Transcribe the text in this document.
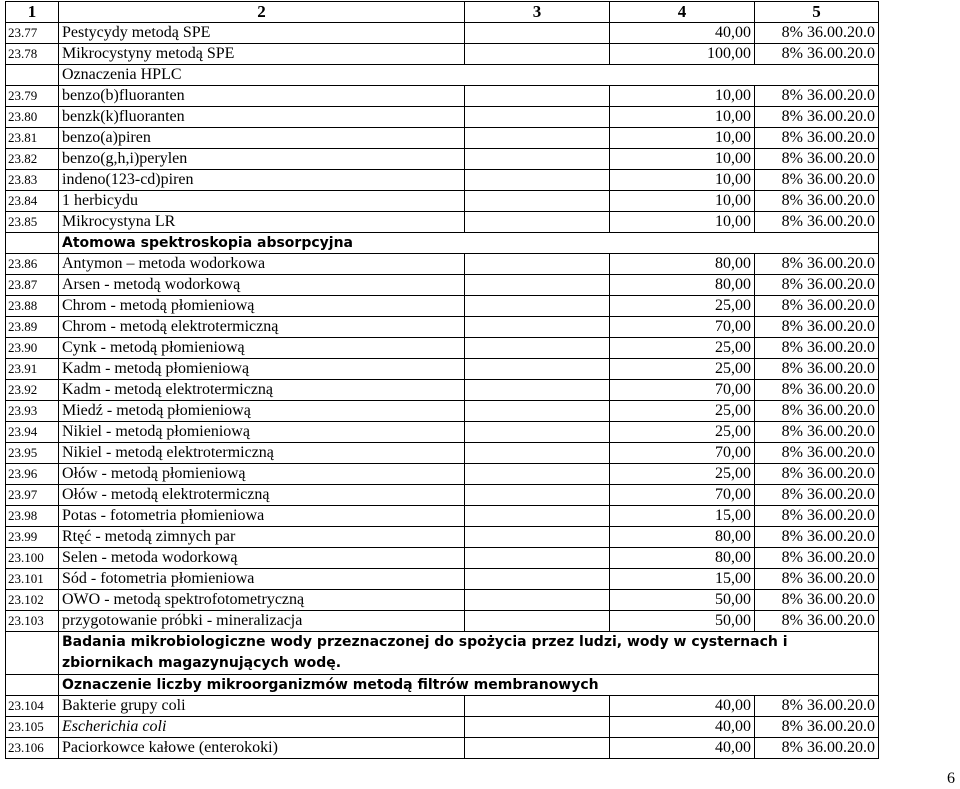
1	2	3	4	5
23.77	Pestycydy metodą SPE		40,00	8% 36.00.20.0
23.78	Mikrocystyny metodą SPE		100,00	8% 36.00.20.0
	Oznaczenia HPLC			
23.79	benzo(b)fluoranten		10,00	8% 36.00.20.0
23.80	benzk(k)fluoranten		10,00	8% 36.00.20.0
23.81	benzo(a)piren		10,00	8% 36.00.20.0
23.82	benzo(g,h,i)perylen		10,00	8% 36.00.20.0
23.83	indeno(123-cd)piren		10,00	8% 36.00.20.0
23.84	1 herbicydu		10,00	8% 36.00.20.0
23.85	Mikrocystyna LR		10,00	8% 36.00.20.0
	Atomowa spektroskopia absorpcyjna			
23.86	Antymon – metoda wodorkowa		80,00	8% 36.00.20.0
23.87	Arsen - metodą wodorkową		80,00	8% 36.00.20.0
23.88	Chrom - metodą płomieniową		25,00	8% 36.00.20.0
23.89	Chrom - metodą elektrotermiczną		70,00	8% 36.00.20.0
23.90	Cynk - metodą płomieniową		25,00	8% 36.00.20.0
23.91	Kadm - metodą płomieniową		25,00	8% 36.00.20.0
23.92	Kadm - metodą elektrotermiczną		70,00	8% 36.00.20.0
23.93	Miedź - metodą płomieniową		25,00	8% 36.00.20.0
23.94	Nikiel - metodą płomieniową		25,00	8% 36.00.20.0
23.95	Nikiel - metodą elektrotermiczną		70,00	8% 36.00.20.0
23.96	Ołów - metodą płomieniową		25,00	8% 36.00.20.0
23.97	Ołów - metodą elektrotermiczną		70,00	8% 36.00.20.0
23.98	Potas - fotometria płomieniowa		15,00	8% 36.00.20.0
23.99	Rtęć - metodą zimnych par		80,00	8% 36.00.20.0
23.100	Selen - metoda wodorkową		80,00	8% 36.00.20.0
23.101	Sód - fotometria płomieniowa		15,00	8% 36.00.20.0
23.102	OWO - metodą spektrofotometryczną		50,00	8% 36.00.20.0
23.103	przygotowanie próbki - mineralizacja		50,00	8% 36.00.20.0
	Badania mikrobiologiczne wody przeznaczonej do spożycia przez ludzi, wody w cysternach i zbiornikach magazynujących wodę.			
	Oznaczenie liczby mikroorganizmów metodą filtrów membranowych			
23.104	Bakterie grupy coli		40,00	8% 36.00.20.0
23.105	Escherichia coli		40,00	8% 36.00.20.0
23.106	Paciorkowce kałowe (enterokoki)		40,00	8% 36.00.20.0
6
